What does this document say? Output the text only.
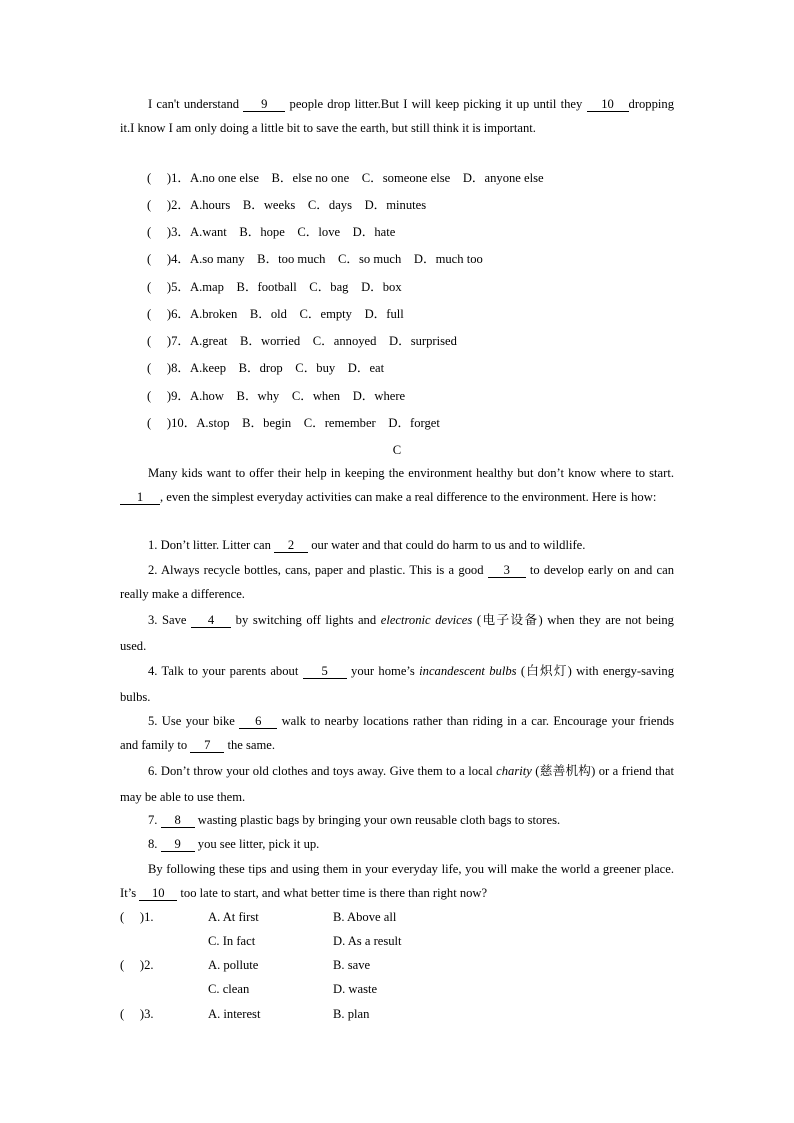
I can't understand 9 people drop litter.But I will keep picking it up until they 10 dropping it.I know I am only doing a little bit to save the earth, but still think it is important.
(　 )1．A.no one else　B．else no one　C．someone else　D．anyone else
(　 )2．A.hours　B．weeks　C．days　D．minutes
(　 )3．A.want　B．hope　C．love　D．hate
(　 )4．A.so many　B．too much　C．so much　D．much too
(　 )5．A.map　B．football　C．bag　D．box
(　 )6．A.broken　B．old　C．empty　D．full
(　 )7．A.great　B．worried　C．annoyed　D．surprised
(　 )8．A.keep　B．drop　C．buy　D．eat
(　 )9．A.how　B．why　C．when　D．where
(　 )10．A.stop　B．begin　C．remember　D．forget
C
Many kids want to offer their help in keeping the environment healthy but don’t know where to start. 1 , even the simplest everyday activities can make a real difference to the environment. Here is how:
1. Don’t litter. Litter can 2 our water and that could do harm to us and to wildlife.
2. Always recycle bottles, cans, paper and plastic. This is a good 3 to develop early on and can really make a difference.
3. Save 4 by switching off lights and electronic devices (电子设备) when they are not being used.
4. Talk to your parents about 5 your home’s incandescent bulbs (白炽灯) with energy-saving bulbs.
5. Use your bike 6 walk to nearby locations rather than riding in a car. Encourage your friends and family to 7 the same.
6. Don’t throw your old clothes and toys away. Give them to a local charity (慈善机构) or a friend that may be able to use them.
7. 8 wasting plastic bags by bringing your own reusable cloth bags to stores.
8. 9 you see litter, pick it up.
By following these tips and using them in your everyday life, you will make the world a greener place. It’s 10 too late to start, and what better time is there than right now?
(　 )1.	A. At first	B. Above all
C. In fact	D. As a result
(　 )2.	A. pollute	B. save
C. clean	D. waste
(　 )3.	A. interest	B. plan
